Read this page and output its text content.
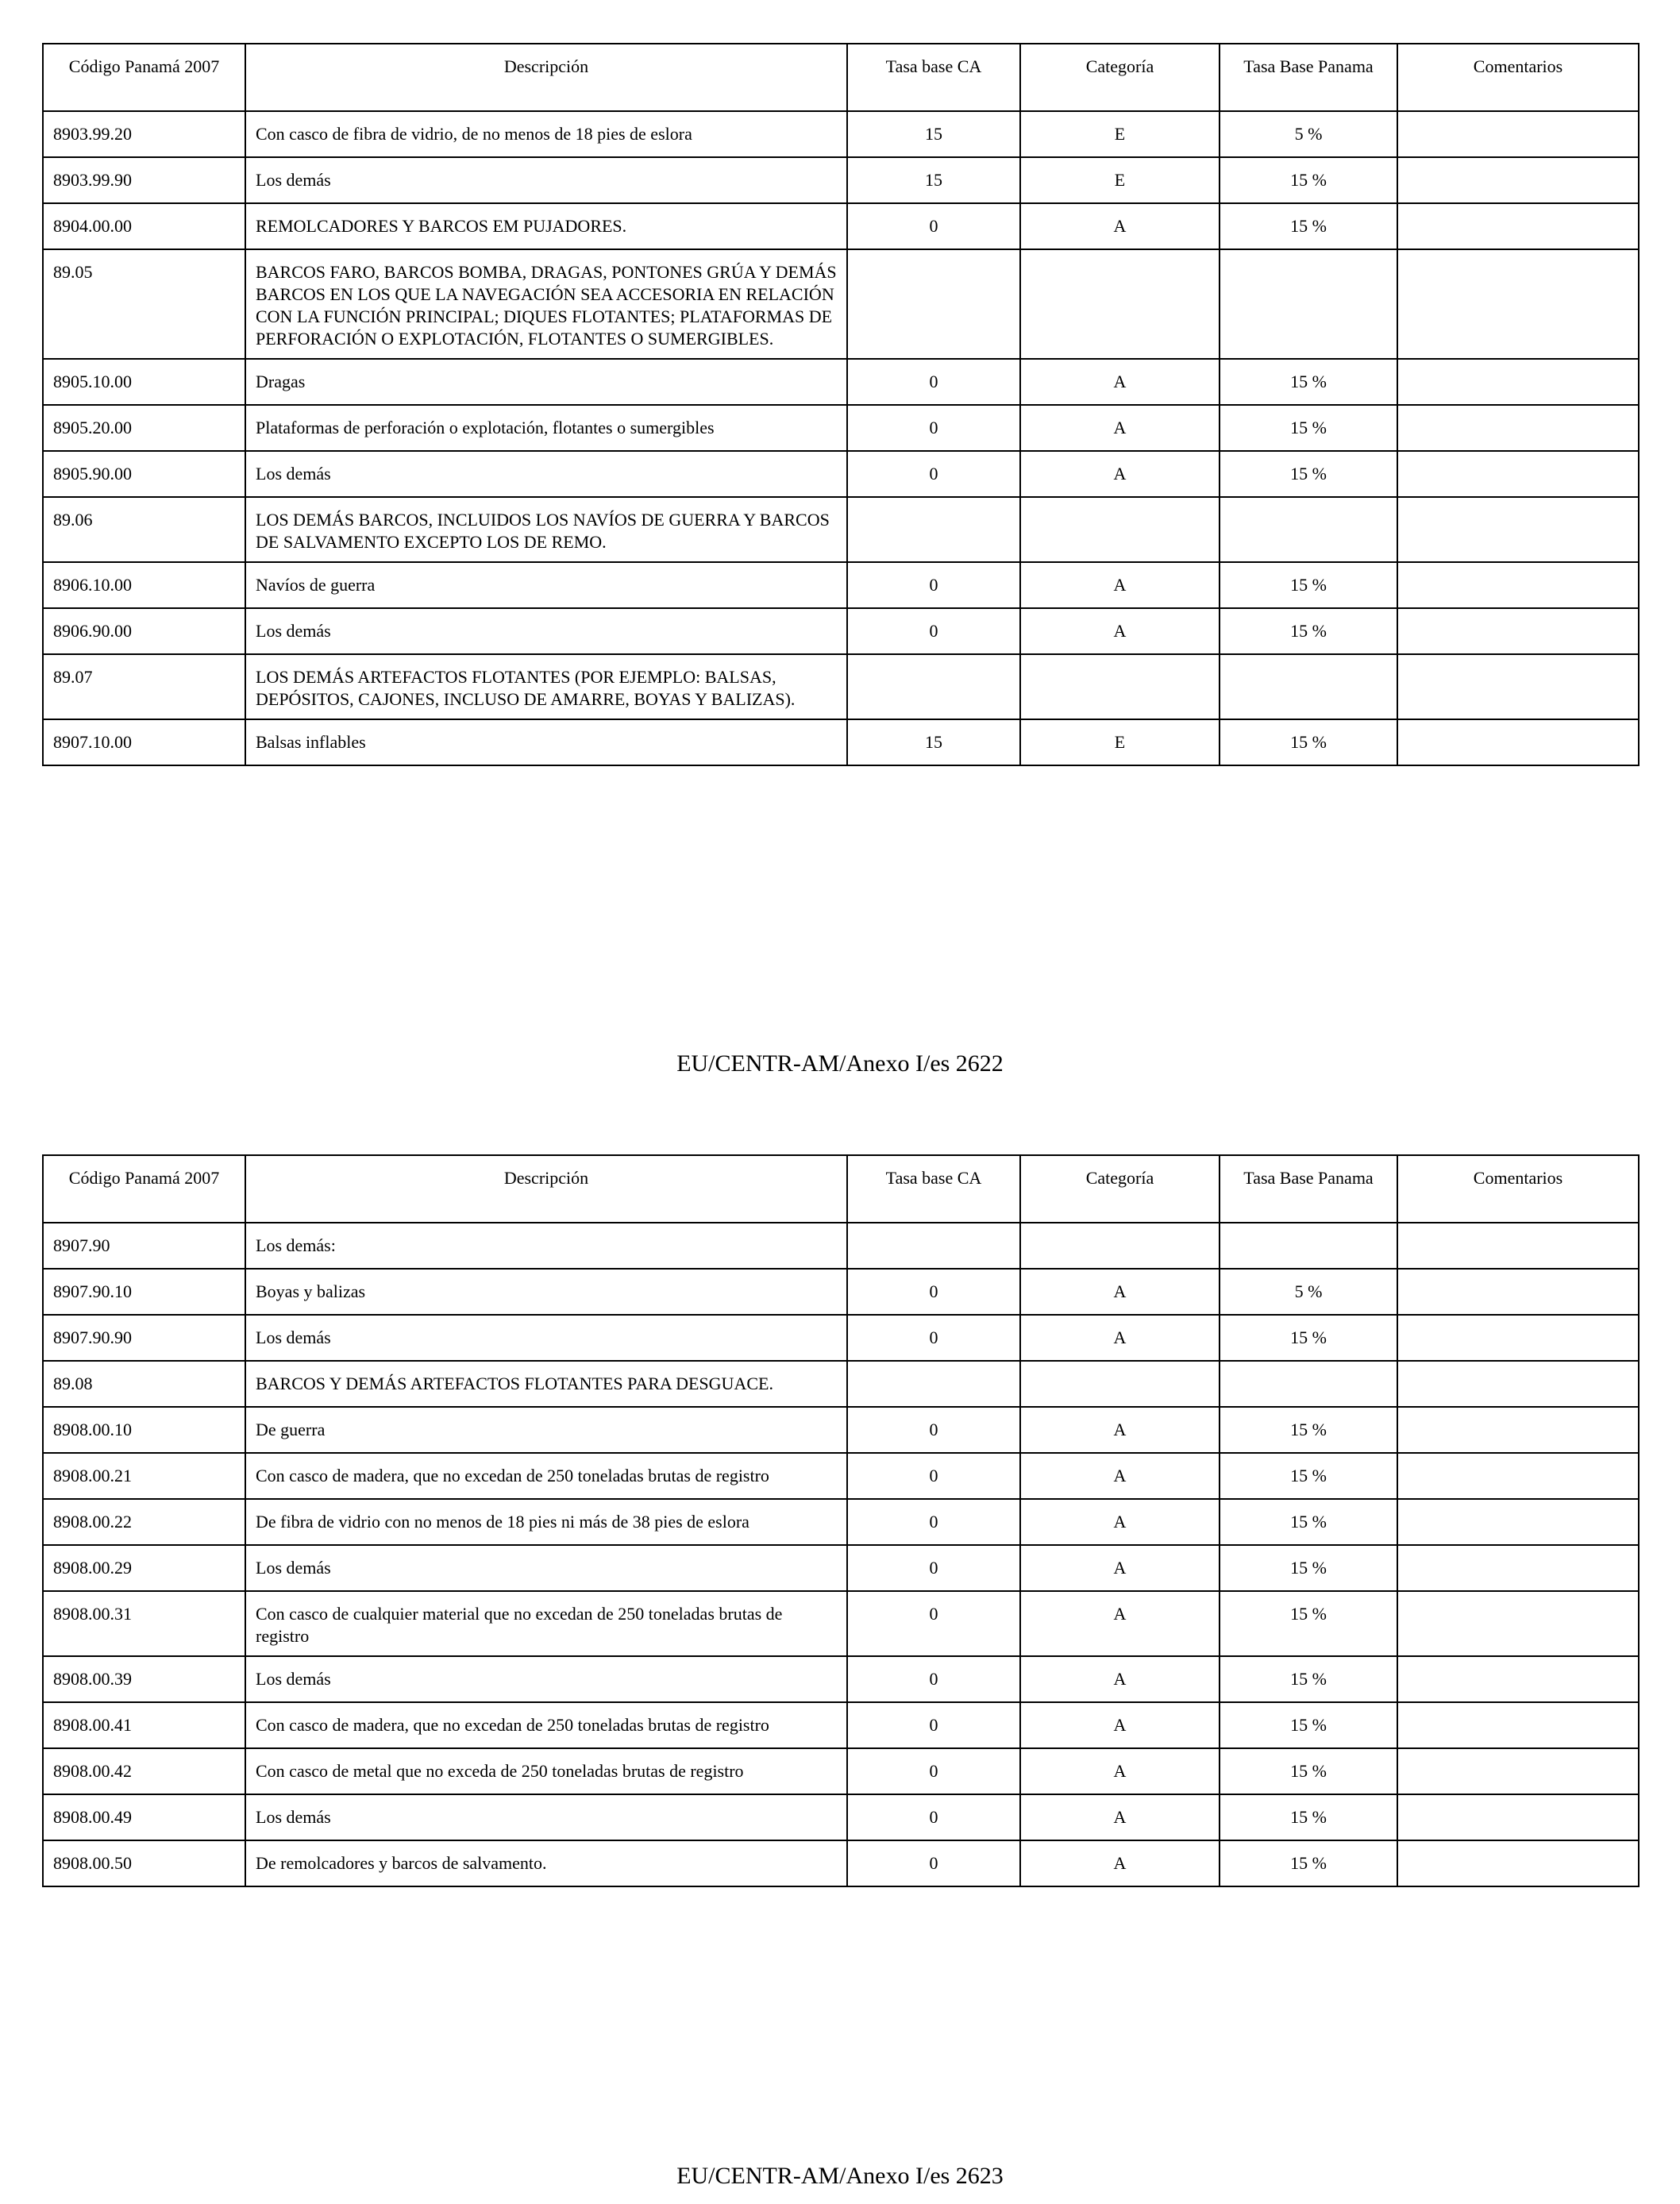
Código Panamá 2007	Descripción	Tasa base CA	Categoría	Tasa Base Panama	Comentarios
8903.99.20	Con casco de fibra de vidrio, de no menos de 18 pies de eslora	15	E	5 %	
8903.99.90	Los demás	15	E	15 %	
8904.00.00	REMOLCADORES Y BARCOS EM PUJADORES.	0	A	15 %	
89.05	BARCOS FARO, BARCOS BOMBA, DRAGAS, PONTONES GRÚA Y DEMÁS BARCOS EN LOS QUE LA NAVEGACIÓN SEA ACCESORIA EN RELACIÓN CON LA FUNCIÓN PRINCIPAL; DIQUES FLOTANTES; PLATAFORMAS DE PERFORACIÓN O EXPLOTACIÓN, FLOTANTES O SUMERGIBLES.				
8905.10.00	Dragas	0	A	15 %	
8905.20.00	Plataformas de perforación o explotación, flotantes o sumergibles	0	A	15 %	
8905.90.00	Los demás	0	A	15 %	
89.06	LOS DEMÁS BARCOS, INCLUIDOS LOS NAVÍOS DE GUERRA Y BARCOS DE SALVAMENTO EXCEPTO LOS DE REMO.				
8906.10.00	Navíos de guerra	0	A	15 %	
8906.90.00	Los demás	0	A	15 %	
89.07	LOS DEMÁS ARTEFACTOS FLOTANTES (POR EJEMPLO: BALSAS, DEPÓSITOS, CAJONES, INCLUSO DE AMARRE, BOYAS Y BALIZAS).				
8907.10.00	Balsas inflables	15	E	15 %	
EU/CENTR-AM/Anexo I/es 2622
Código Panamá 2007	Descripción	Tasa base CA	Categoría	Tasa Base Panama	Comentarios
8907.90	Los demás:				
8907.90.10	Boyas y balizas	0	A	5 %	
8907.90.90	Los demás	0	A	15 %	
89.08	BARCOS Y DEMÁS ARTEFACTOS FLOTANTES PARA DESGUACE.				
8908.00.10	De guerra	0	A	15 %	
8908.00.21	Con casco de madera, que no excedan de 250 toneladas brutas de registro	0	A	15 %	
8908.00.22	De fibra de vidrio con no menos de 18 pies ni más de 38 pies de eslora	0	A	15 %	
8908.00.29	Los demás	0	A	15 %	
8908.00.31	Con casco de cualquier material que no excedan de 250 toneladas brutas de registro	0	A	15 %	
8908.00.39	Los demás	0	A	15 %	
8908.00.41	Con casco de madera, que no excedan de 250 toneladas brutas de registro	0	A	15 %	
8908.00.42	Con casco de metal que no exceda de 250 toneladas brutas de registro	0	A	15 %	
8908.00.49	Los demás	0	A	15 %	
8908.00.50	De remolcadores y barcos de salvamento.	0	A	15 %	
EU/CENTR-AM/Anexo I/es 2623
